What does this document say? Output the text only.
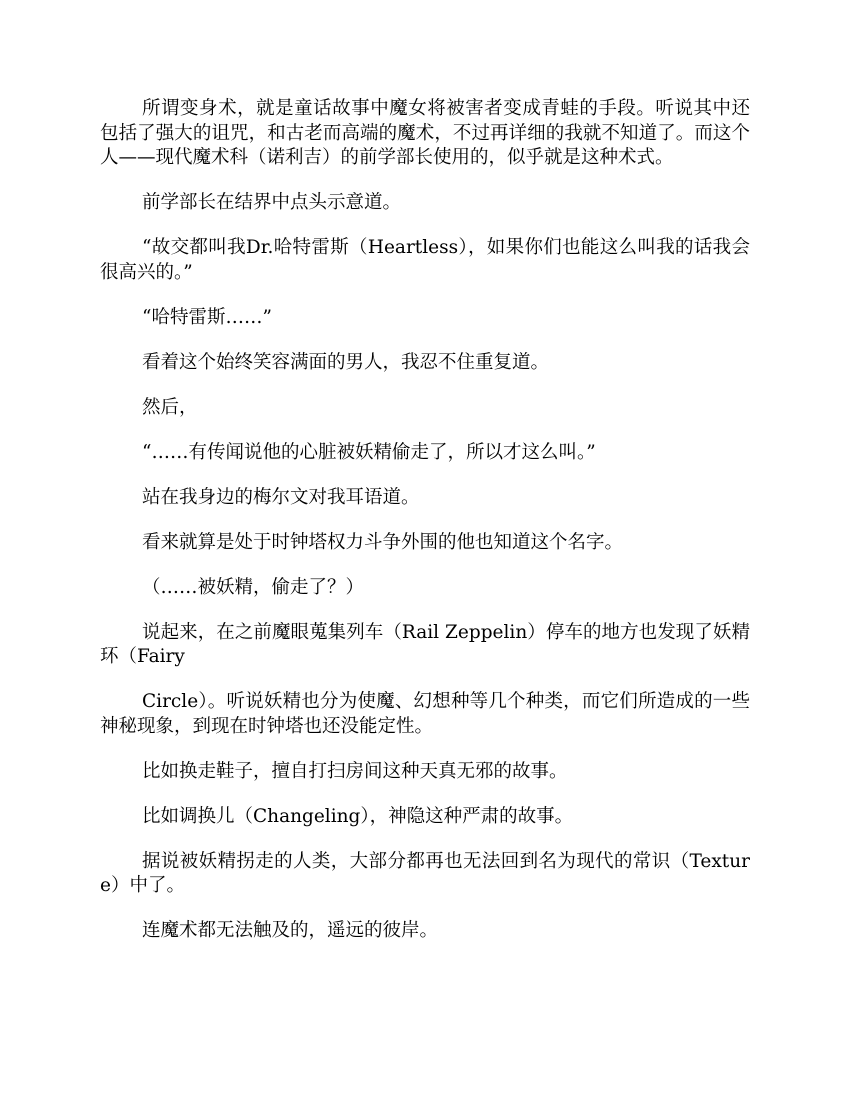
所谓变身术，就是童话故事中魔女将被害者变成青蛙的手段。听说其中还包括了强大的诅咒，和古老而高端的魔术，不过再详细的我就不知道了。而这个人——现代魔术科（诺利吉）的前学部长使用的，似乎就是这种术式。

前学部长在结界中点头示意道。

“故交都叫我Dr.哈特雷斯（Heartless），如果你们也能这么叫我的话我会很高兴的。”

“哈特雷斯……”

看着这个始终笑容满面的男人，我忍不住重复道。

然后，

“……有传闻说他的心脏被妖精偷走了，所以才这么叫。”

站在我身边的梅尔文对我耳语道。

看来就算是处于时钟塔权力斗争外围的他也知道这个名字。

（……被妖精，偷走了？）

说起来，在之前魔眼蒐集列车（Rail Zeppelin）停车的地方也发现了妖精环（Fairy

Circle）。听说妖精也分为使魔、幻想种等几个种类，而它们所造成的一些神秘现象，到现在时钟塔也还没能定性。

比如换走鞋子，擅自打扫房间这种天真无邪的故事。

比如调换儿（Changeling），神隐这种严肃的故事。

据说被妖精拐走的人类，大部分都再也无法回到名为现代的常识（Texture）中了。

连魔术都无法触及的，遥远的彼岸。
